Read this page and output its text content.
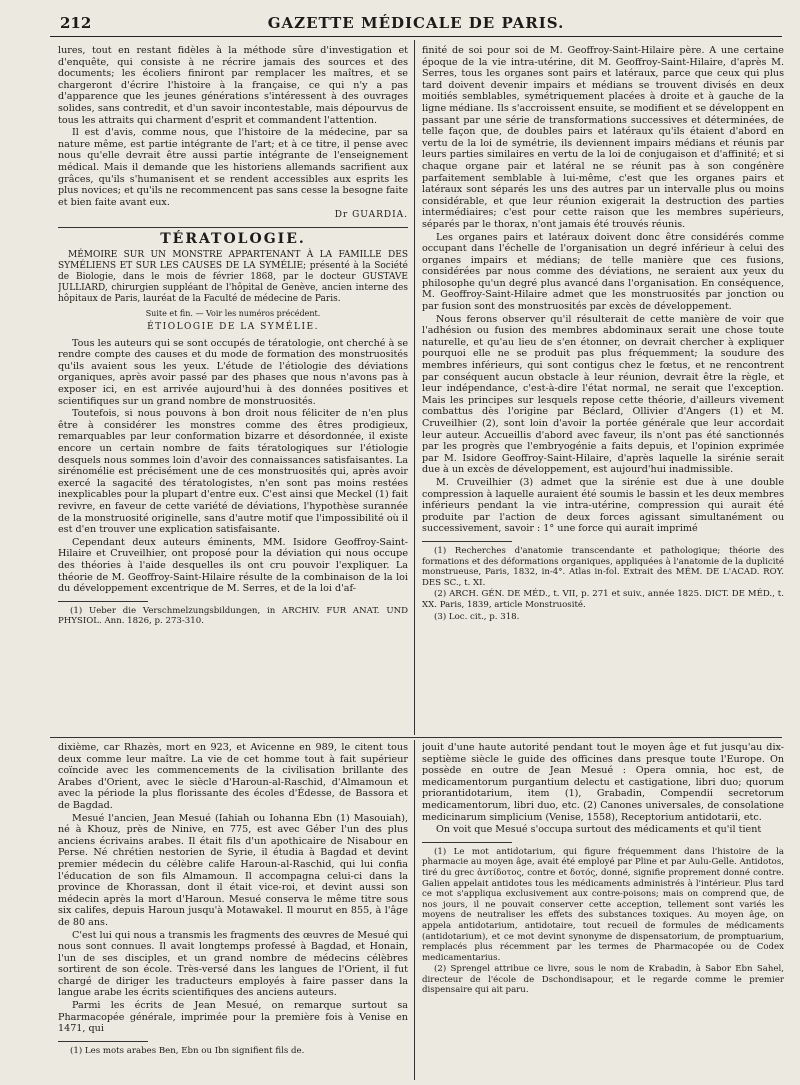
212	GAZETTE MÉDICALE DE PARIS.

lures, tout en restant fidèles à la méthode sûre d'investigation et d'enquête, qui consiste à ne récrire jamais des sources et des documents; les écoliers finiront par remplacer les maîtres, et se chargeront d'écrire l'histoire à la française, ce qui n'y a pas d'apparence que les jeunes générations s'intéressent à des ouvrages solides, sans contredit, et d'un savoir incontestable, mais dépourvus de tous les attraits qui charment d'esprit et commandent l'attention.

Il est d'avis, comme nous, que l'histoire de la médecine, par sa nature même, est partie intégrante de l'art; et à ce titre, il pense avec nous qu'elle devrait être aussi partie intégrante de l'enseignement médical. Mais il demande que les historiens allemands sacrifient aux grâces, qu'ils s'humanisent et se rendent accessibles aux esprits les plus novices; et qu'ils ne recommencent pas sans cesse la besogne faite et bien faite avant eux.

Dr GUARDIA.
TÉRATOLOGIE.
MÉMOIRE SUR UN MONSTRE APPARTENANT À LA FAMILLE DES SYMÉLIENS ET SUR LES CAUSES DE LA SYMÉLIE; présenté à la Société de Biologie, dans le mois de février 1868, par le docteur GUSTAVE JULLIARD, chirurgien suppléant de l'hôpital de Genève, ancien interne des hôpitaux de Paris, lauréat de la Faculté de médecine de Paris.
Suite et fin. — Voir les numéros précédent.
ÉTIOLOGIE DE LA SYMÉLIE.

Tous les auteurs qui se sont occupés de tératologie, ont cherché à se rendre compte des causes et du mode de formation des monstruosités qu'ils avaient sous les yeux. L'étude de l'étiologie des déviations organiques, après avoir passé par des phases que nous n'avons pas à exposer ici, en est arrivée aujourd'hui à des données positives et scientifiques sur un grand nombre de monstruosités.

Toutefois, si nous pouvons à bon droit nous féliciter de n'en plus être à considérer les monstres comme des êtres prodigieux, remarquables par leur conformation bizarre et désordonnée, il existe encore un certain nombre de faits tératologiques sur l'étiologie desquels nous sommes loin d'avoir des connaissances satisfaisantes. La sirénomélie est précisément une de ces monstruosités qui, après avoir exercé la sagacité des tératologistes, n'en sont pas moins restées inexplicables pour la plupart d'entre eux. C'est ainsi que Meckel (1) fait revivre, en faveur de cette variété de déviations, l'hypothèse surannée de la monstruosité originelle, sans d'autre motif que l'impossibilité où il est d'en trouver une explication satisfaisante.

Cependant deux auteurs éminents, MM. Isidore Geoffroy-Saint-Hilaire et Cruveilhier, ont proposé pour la déviation qui nous occupe des théories à l'aide desquelles ils ont cru pouvoir l'expliquer. La théorie de M. Geoffroy-Saint-Hilaire résulte de la combinaison de la loi du développement excentrique de M. Serres, et de la loi d'af-

(1) Ueber die Verschmelzungsbildungen, in ARCHIV. FUR ANAT. UND PHYSIOL. Ann. 1826, p. 273-310.

finité de soi pour soi de M. Geoffroy-Saint-Hilaire père. A une certaine époque de la vie intra-utérine, dit M. Geoffroy-Saint-Hilaire, d'après M. Serres, tous les organes sont pairs et latéraux, parce que ceux qui plus tard doivent devenir impairs et médians se trouvent divisés en deux moitiés semblables, symétriquement placées à droite et à gauche de la ligne médiane. Ils s'accroissent ensuite, se modifient et se développent en passant par une série de transformations successives et déterminées, de telle façon que, de doubles pairs et latéraux qu'ils étaient d'abord en vertu de la loi de symétrie, ils deviennent impairs médians et réunis par leurs parties similaires en vertu de la loi de conjugaison et d'affinité; et si chaque organe pair et latéral ne se réunit pas à son congénère parfaitement semblable à lui-même, c'est que les organes pairs et latéraux sont séparés les uns des autres par un intervalle plus ou moins considérable, et que leur réunion exigerait la destruction des parties intermédiaires; c'est pour cette raison que les membres supérieurs, séparés par le thorax, n'ont jamais été trouvés réunis.

Les organes pairs et latéraux doivent donc être considérés comme occupant dans l'échelle de l'organisation un degré inférieur à celui des organes impairs et médians; de telle manière que ces fusions, considérées par nous comme des déviations, ne seraient aux yeux du philosophe qu'un degré plus avancé dans l'organisation. En conséquence, M. Geoffroy-Saint-Hilaire admet que les monstruosités par jonction ou par fusion sont des monstruosités par excès de développement.

Nous ferons observer qu'il résulterait de cette manière de voir que l'adhésion ou fusion des membres abdominaux serait une chose toute naturelle, et qu'au lieu de s'en étonner, on devrait chercher à expliquer pourquoi elle ne se produit pas plus fréquemment; la soudure des membres inférieurs, qui sont contigus chez le fœtus, et ne rencontrent par conséquent aucun obstacle à leur réunion, devrait être la règle, et leur indépendance, c'est-à-dire l'état normal, ne serait que l'exception. Mais les principes sur lesquels repose cette théorie, d'ailleurs vivement combattus dès l'origine par Béclard, Ollivier d'Angers (1) et M. Cruveilhier (2), sont loin d'avoir la portée générale que leur accordait leur auteur. Accueillis d'abord avec faveur, ils n'ont pas été sanctionnés par les progrès que l'embryogénie a faits depuis, et l'opinion exprimée par M. Isidore Geoffroy-Saint-Hilaire, d'après laquelle la sirénie serait due à un excès de développement, est aujourd'hui inadmissible.

M. Cruveilhier (3) admet que la sirénie est due à une double compression à laquelle auraient été soumis le bassin et les deux membres inférieurs pendant la vie intra-utérine, compression qui aurait été produite par l'action de deux forces agissant simultanément ou successivement, savoir : 1° une force qui aurait imprimé

(1) Recherches d'anatomie transcendante et pathologique; théorie des formations et des déformations organiques, appliquées à l'anatomie de la duplicité monstrueuse, Paris, 1832, in-4°. Atlas in-fol. Extrait des MÉM. DE L'ACAD. ROY. DES SC., t. XI.

(2) ARCH. GÉN. DE MÉD., t. VII, p. 271 et suiv., année 1825. DICT. DE MÉD., t. XX. Paris, 1839, article Monstruosité.

(3) Loc. cit., p. 318.

dixième, car Rhazès, mort en 923, et Avicenne en 989, le citent tous deux comme leur maître. La vie de cet homme tout à fait supérieur coïncide avec les commencements de la civilisation brillante des Arabes d'Orient, avec le siècle d'Haroun-al-Raschid, d'Almamoun et avec la période la plus florissante des écoles d'Édesse, de Bassora et de Bagdad.

Mesué l'ancien, Jean Mesué (Iahiah ou Iohanna Ebn (1) Masouiah), né à Khouz, près de Ninive, en 775, est avec Géber l'un des plus anciens écrivains arabes. Il était fils d'un apothicaire de Nisabour en Perse. Né chrétien nestorien de Syrie, il étudia à Bagdad et devint premier médecin du célèbre calife Haroun-al-Raschid, qui lui confia l'éducation de son fils Almamoun. Il accompagna celui-ci dans la province de Khorassan, dont il était vice-roi, et devint aussi son médecin après la mort d'Haroun. Mesué conserva le même titre sous six califes, depuis Haroun jusqu'à Motawakel. Il mourut en 855, à l'âge de 80 ans.

C'est lui qui nous a transmis les fragments des œuvres de Mesué qui nous sont connues. Il avait longtemps professé à Bagdad, et Honain, l'un de ses disciples, et un grand nombre de médecins célèbres sortirent de son école. Très-versé dans les langues de l'Orient, il fut chargé de diriger les traducteurs employés à faire passer dans la langue arabe les écrits scientifiques des anciens auteurs.

Parmi les écrits de Jean Mesué, on remarque surtout sa Pharmacopée générale, imprimée pour la première fois à Venise en 1471, qui

(1) Les mots arabes Ben, Ebn ou Ibn signifient fils de.

jouit d'une haute autorité pendant tout le moyen âge et fut jusqu'au dix-septième siècle le guide des officines dans presque toute l'Europe. On possède en outre de Jean Mesué : Opera omnia, hoc est, de medicamentorum purgantium delectu et castigatione, libri duo; quorum priorantidotarium, item (1), Grabadin, Compendii secretorum medicamentorum, libri duo, etc. (2) Canones universales, de consolatione medicinarum simplicium (Venise, 1558), Receptorium antidotarii, etc.

On voit que Mesué s'occupa surtout des médicaments et qu'il tient

(1) Le mot antidotarium, qui figure fréquemment dans l'histoire de la pharmacie au moyen âge, avait été employé par Pline et par Aulu-Gelle. Antidotos, tiré du grec ἀντίδοτος, contre et δοτός, donné, signifie proprement donné contre. Galien appelait antidotes tous les médicaments administrés à l'intérieur. Plus tard ce mot s'appliqua exclusivement aux contre-poisons; mais on comprend que, de nos jours, il ne pouvait conserver cette acception, tellement sont variés les moyens de neutraliser les effets des substances toxiques. Au moyen âge, on appela antidotarium, antidotaire, tout recueil de formules de médicaments (antidotarium), et ce mot devint synonyme de dispensatorium, de promptuarium, remplacés plus récemment par les termes de Pharmacopée ou de Codex medicamentarius.

(2) Sprengel attribue ce livre, sous le nom de Krabadin, à Sabor Ebn Sahel, directeur de l'école de Dschondisapour, et le regarde comme le premier dispensaire qui ait paru.
